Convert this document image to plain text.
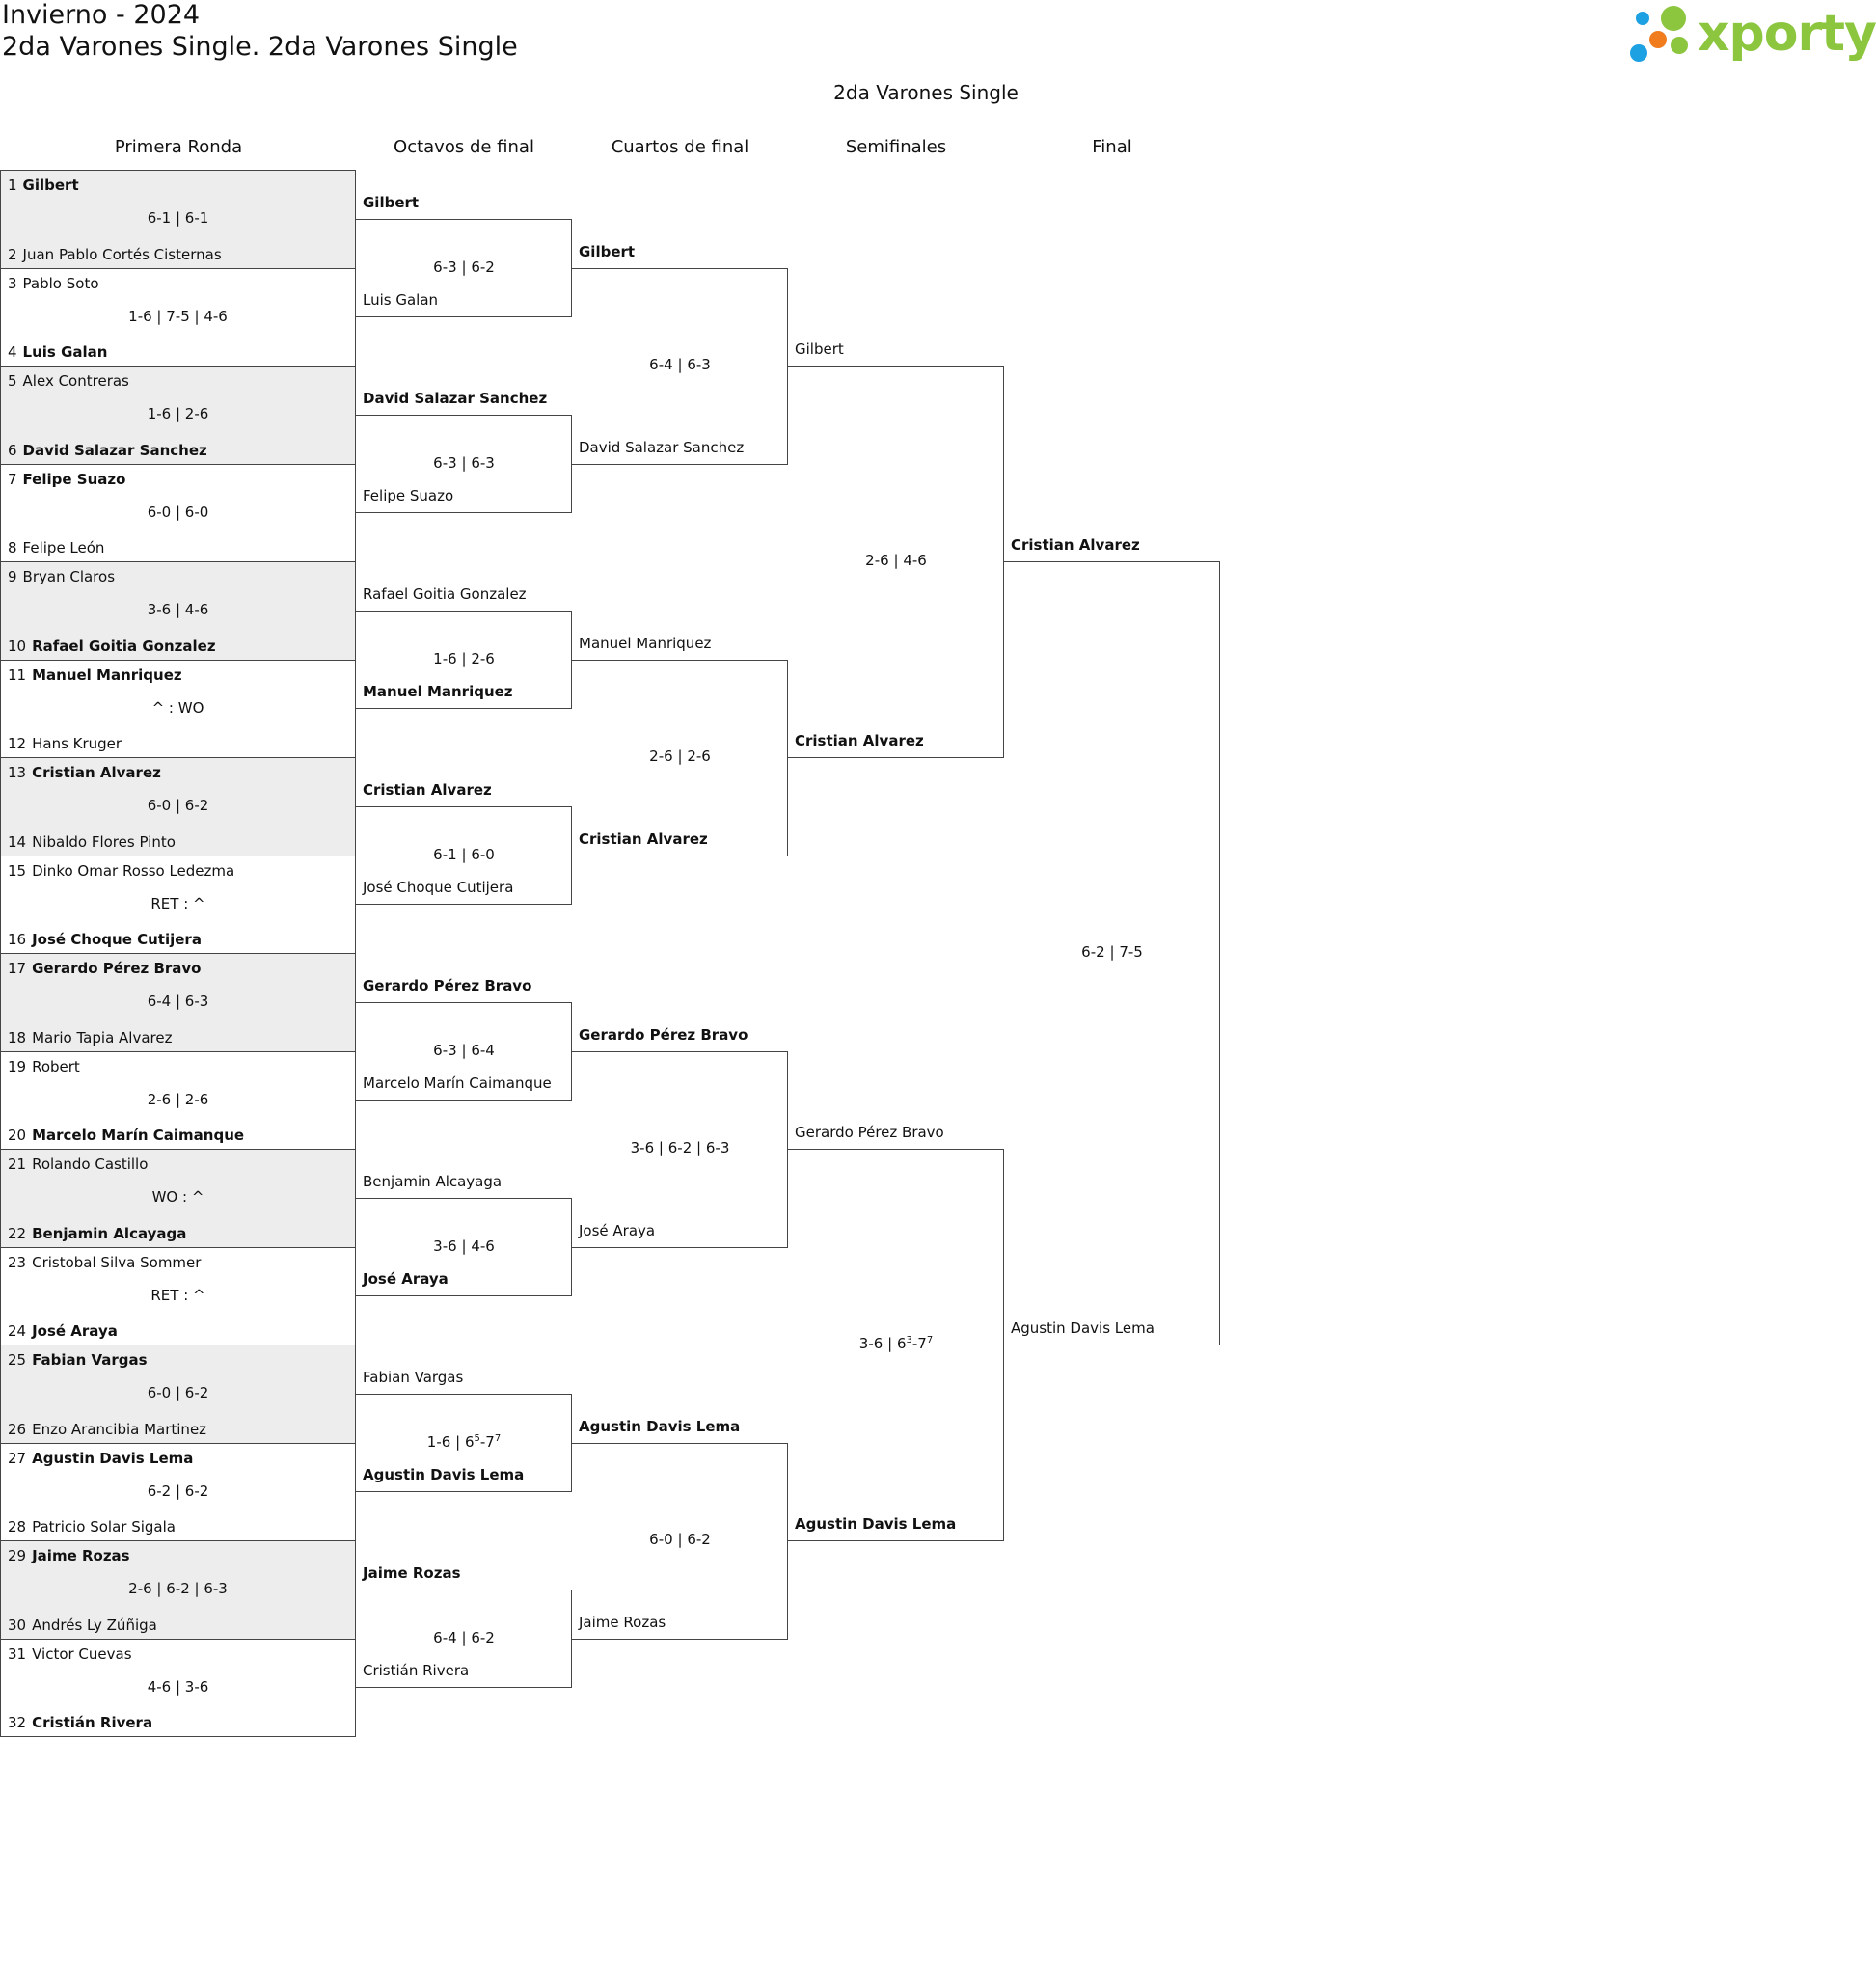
Invierno - 2024
2da Varones Single. 2da Varones Single	xporty
2da Varones Single
Primera Ronda	Octavos de final	Cuartos de final	Semifinales	Final
1 Gilbert
2 Juan Pablo Cortés Cisternas
6-1 | 6-1
3 Pablo Soto
4 Luis Galan
1-6 | 7-5 | 4-6
5 Alex Contreras
6 David Salazar Sanchez
1-6 | 2-6
7 Felipe Suazo
8 Felipe León
6-0 | 6-0
9 Bryan Claros
10 Rafael Goitia Gonzalez
3-6 | 4-6
11 Manuel Manriquez
12 Hans Kruger
^ : WO
13 Cristian Alvarez
14 Nibaldo Flores Pinto
6-0 | 6-2
15 Dinko Omar Rosso Ledezma
16 José Choque Cutijera
RET : ^
17 Gerardo Pérez Bravo
18 Mario Tapia Alvarez
6-4 | 6-3
19 Robert
20 Marcelo Marín Caimanque
2-6 | 2-6
21 Rolando Castillo
22 Benjamin Alcayaga
WO : ^
23 Cristobal Silva Sommer
24 José Araya
RET : ^
25 Fabian Vargas
26 Enzo Arancibia Martinez
6-0 | 6-2
27 Agustin Davis Lema
28 Patricio Solar Sigala
6-2 | 6-2
29 Jaime Rozas
30 Andrés Ly Zúñiga
2-6 | 6-2 | 6-3
31 Victor Cuevas
32 Cristián Rivera
4-6 | 3-6
Gilbert
Luis Galan
6-3 | 6-2
David Salazar Sanchez
Felipe Suazo
6-3 | 6-3
Rafael Goitia Gonzalez
Manuel Manriquez
1-6 | 2-6
Cristian Alvarez
José Choque Cutijera
6-1 | 6-0
Gerardo Pérez Bravo
Marcelo Marín Caimanque
6-3 | 6-4
Benjamin Alcayaga
José Araya
3-6 | 4-6
Fabian Vargas
Agustin Davis Lema
1-6 | $6^5-7^7$
Jaime Rozas
Cristián Rivera
6-4 | 6-2
Gilbert
David Salazar Sanchez
6-4 | 6-3
Manuel Manriquez
Cristian Alvarez
2-6 | 2-6
Gerardo Pérez Bravo
José Araya
3-6 | 6-2 | 6-3
Agustin Davis Lema
Jaime Rozas
6-0 | 6-2
Gilbert
Cristian Alvarez
2-6 | 4-6
Gerardo Pérez Bravo
Agustin Davis Lema
3-6 | $6^3-7^7$
Cristian Alvarez
Agustin Davis Lema
6-2 | 7-5
